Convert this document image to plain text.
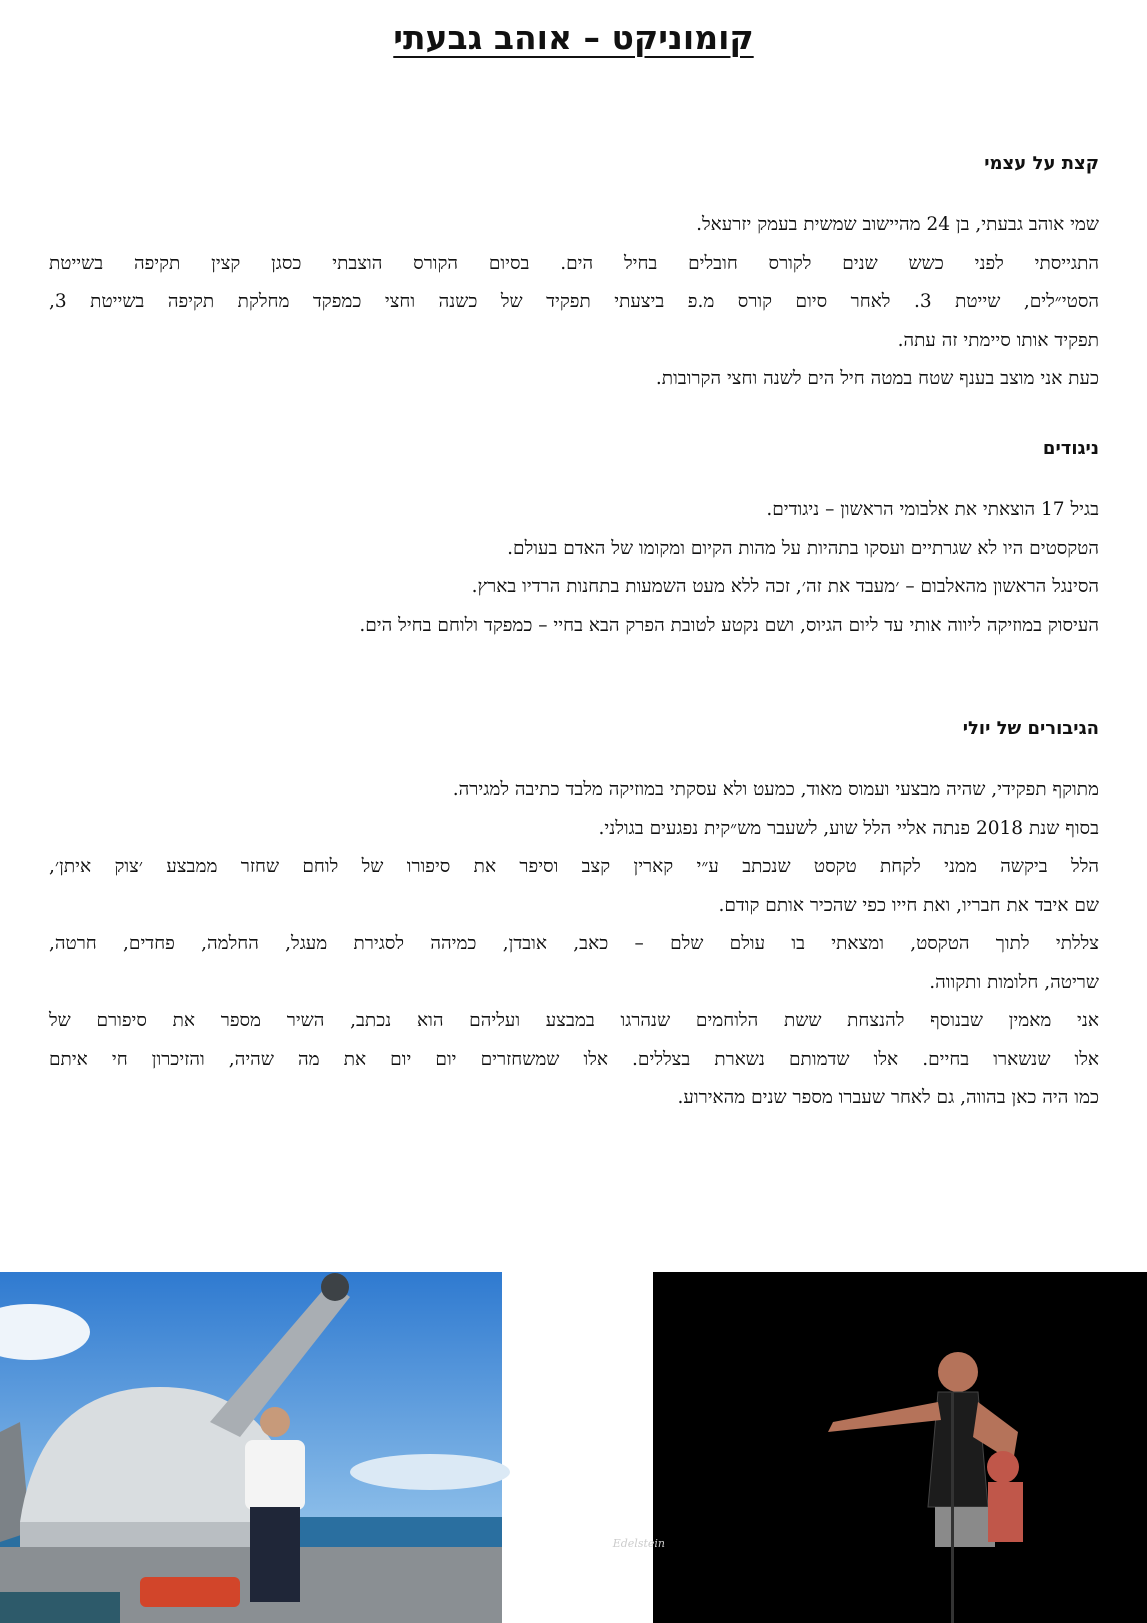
קומוניקט – אוהב גבעתי
קצת על עצמי

שמי אוהב גבעתי, בן 24 מהיישוב שמשית בעמק יזרעאל.
התגייסתי לפני כשש שנים לקורס חובלים בחיל הים. בסיום הקורס הוצבתי כסגן קצין תקיפה בשייטת
הסטי״לים, שייטת 3. לאחר סיום קורס מ.פ ביצעתי תפקיד של כשנה וחצי כמפקד מחלקת תקיפה בשייטת 3,
תפקיד אותו סיימתי זה עתה.
כעת אני מוצב בענף שטח במטה חיל הים לשנה וחצי הקרובות.

ניגודים

בגיל 17 הוצאתי את אלבומי הראשון – ניגודים.
הטקסטים היו לא שגרתיים ועסקו בתהיות על מהות הקיום ומקומו של האדם בעולם.
הסינגל הראשון מהאלבום – ׳מעבד את זה׳, זכה ללא מעט השמעות בתחנות הרדיו בארץ.
העיסוק במוזיקה ליווה אותי עד ליום הגיוס, ושם נקטע לטובת הפרק הבא בחיי – כמפקד ולוחם בחיל הים.

הגיבורים של יולי

מתוקף תפקידי, שהיה מבצעי ועמוס מאוד, כמעט ולא עסקתי במוזיקה מלבד כתיבה למגירה.
בסוף שנת 2018 פנתה אליי הלל שוע, לשעבר מש״קית נפגעים בגולני.
הלל ביקשה ממני לקחת טקסט שנכתב ע״י קארין קצב וסיפר את סיפורו של לוחם שחזר ממבצע ׳צוק איתן׳,
שם איבד את חבריו, ואת חייו כפי שהכיר אותם קודם.
צללתי לתוך הטקסט, ומצאתי בו עולם שלם – כאב, אובדן, כמיהה לסגירת מעגל, החלמה, פחדים, חרטה,
שריטה, חלומות ותקווה.
אני מאמין שבנוסף להנצחת ששת הלוחמים שנהרגו במבצע ועליהם הוא נכתב, השיר מספר את סיפורם של
אלו שנשארו בחיים. אלו שדמותם נשארת בצללים. אלו שמשחזרים יום יום את מה שהיה, והזיכרון חי איתם
כמו היה כאן בהווה, גם לאחר שעברו מספר שנים מהאירוע.

Edelstein
